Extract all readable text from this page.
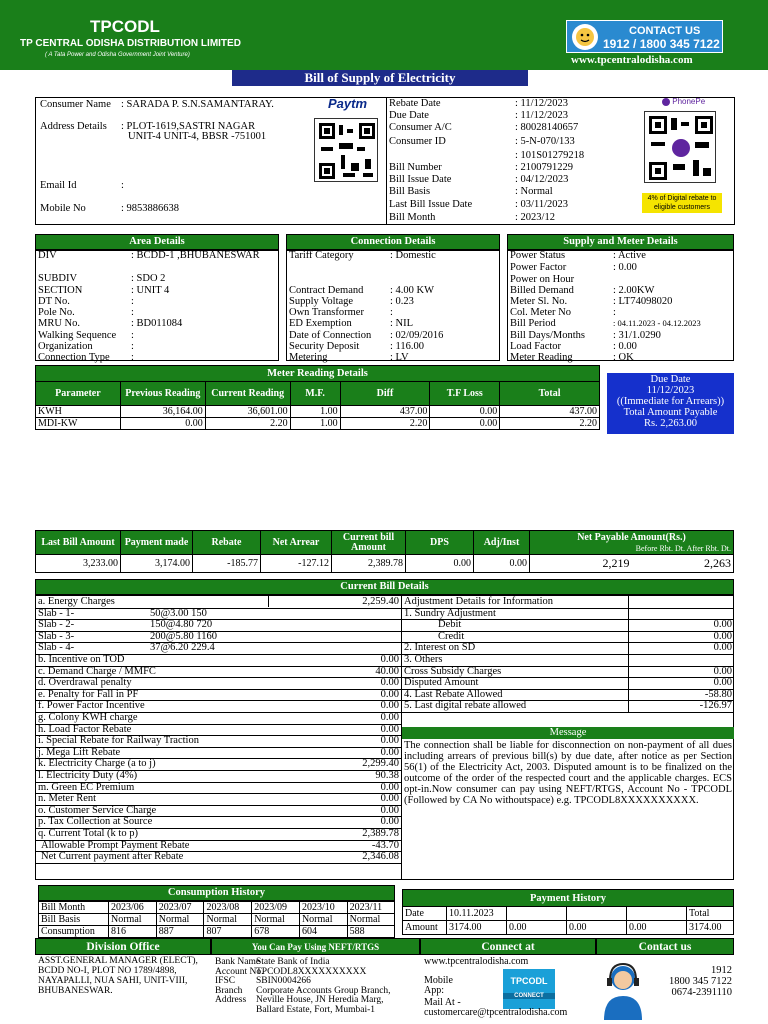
TPCODL
TP CENTRAL ODISHA DISTRIBUTION LIMITED
( A Tata Power and Odisha Government Joint Venture)
CONTACT US
1912 / 1800 345 7122
www.tpcentralodisha.com
Bill of Supply of Electricity
Consumer Name : SARADA P. S.N.SAMANTARAY.
Address Details : PLOT-1619,SASTRI NAGAR
UNIT-4 UNIT-4, BBSR -751001
Email Id	:
Mobile No	: 9853886638
Paytm Rebate Date	: 11/12/2023
Due Date	: 11/12/2023
Consumer A/C	: 80028140657
Consumer ID	: 5-N-070/133
: 101S01279218
Bill Number	: 2100791229
Bill Issue Date	: 04/12/2023
Bill Basis	: Normal
Last Bill Issue Date	: 03/11/2023
Bill Month	: 2023/12
PhonePe
4% of Digital rebate to eligible customers
Area Details	Connection Details	Supply and Meter Details
DIV	: BCDD-1 ,BHUBANESWAR
SUBDIV	: SDO 2
SECTION	: UNIT 4
DT No.	:
Pole No.	:
MRU No.	: BD011084
Walking Sequence :
Organization	:
Connection Type :
Tariff Category	: Domestic
Contract Demand	: 4.00 KW
Supply Voltage	: 0.23
Own Transformer :
ED Exemption	: NIL
Date of Connection : 02/09/2016
Security Deposit	: 116.00
Metering	: LV
Power Status	: Active
Power Factor	: 0.00
Power on Hour
Billed Demand	: 2.00KW
Meter Sl. No.	: LT74098020
Col. Meter No	:
Bill Period	: 04.11.2023 - 04.12.2023
Bill Days/Months	: 31/1.0290
Load Factor	: 0.00
Meter Reading	: OK
Meter Reading Details
Parameter	Previous Reading	Current Reading	M.F.	Diff	T.F Loss	Total
KWH	36,164.00	36,601.00	1.00	437.00	0.00	437.00
MDI-KW	0.00	2.20	1.00	2.20	0.00	2.20
Due Date
11/12/2023
((Immediate for Arrears))
Total Amount Payable
Rs. 2,263.00
Last Bill Amount	Payment made	Rebate	Net Arrear	Current bill Amount	DPS	Adj/Inst	Net Payable Amount(Rs.)
Before Rbt. Dt. After Rbt. Dt.	

3,233.00	3,174.00	-185.77	-127.12	2,389.78	0.00	0.00	2,219	2,263
Current Bill Details
a. Energy Charges	2,259.40
Slab - 1-	50@3.00 150
Slab - 2-	150@4.80 720
Slab - 3-	200@5.80 1160
Slab - 4-	37@6.20 229.4
b. Incentive on TOD	0.00
c. Demand Charge / MMFC	40.00
d. Overdrawal penalty	0.00
e. Penalty for Fall in PF	0.00
f. Power Factor Incentive	0.00
g. Colony KWH charge	0.00
h. Load Factor Rebate	0.00
i. Special Rebate for Railway Traction	0.00
j. Mega Lift Rebate	0.00
k. Electricity Charge (a to j)	2,299.40
l. Electricity Duty (4%)	90.38
m. Green EC Premium	0.00
n. Meter Rent	0.00
o. Customer Service Charge	0.00
p. Tax Collection at Source	0.00
q. Current Total (k to p)	2,389.78
Allowable Prompt Payment Rebate	-43.70
Net Current payment after Rebate	2,346.08
Adjustment Details for Information
1. Sundry Adjustment
Debit	0.00
Credit	0.00
2. Interest on SD	0.00
3. Others
Cross Subsidy Charges	0.00
Disputed Amount	0.00
4. Last Rebate Allowed	-58.80
5. Last digital rebate allowed	-126.97
Message
The connection shall be liable for disconnection on non-payment of all dues including arrears of previous bill(s) by due date, after notice as per Section 56(1) of the Electricity Act, 2003. Disputed amount is to be finalized on the outcome of the order of the respected court and the applicable charges. ECS opt-in.Now consumer can pay using NEFT/RTGS, Account No - TPCODL (Followed by CA No withoutspace) e.g. TPCODL8XXXXXXXXXX.
Consumption History
Bill Month	2023/06	2023/07	2023/08	2023/09	2023/10	2023/11
Bill Basis	Normal	Normal	Normal	Normal	Normal	Normal
Consumption	816	887	807	678	604	588
Payment History
Date	10.11.2023				Total
Amount	3174.00	0.00	0.00	0.00	3174.00
Division Office
ASST.GENERAL MANAGER (ELECT), BCDD NO-I, PLOT NO 1789/4898, NAYAPALLI, NUA SAHI, UNIT-VIII, BHUBANESWAR.
You Can Pay Using NEFT/RTGS
Bank Name
State Bank of India
Account No.
TPCODL8XXXXXXXXXX
IFSC SBIN0004266
Branch Corporate Accounts Group Branch,
Address Neville House, JN Heredia Marg,
Ballard Estate, Fort, Mumbai-1
Connect at
www.tpcentralodisha.com
Mobile App:
TPCODL
CONNECT
Mail At -
customercare@tpcentralodisha.com
Contact us
1912
1800 345 7122
0674-2391110
